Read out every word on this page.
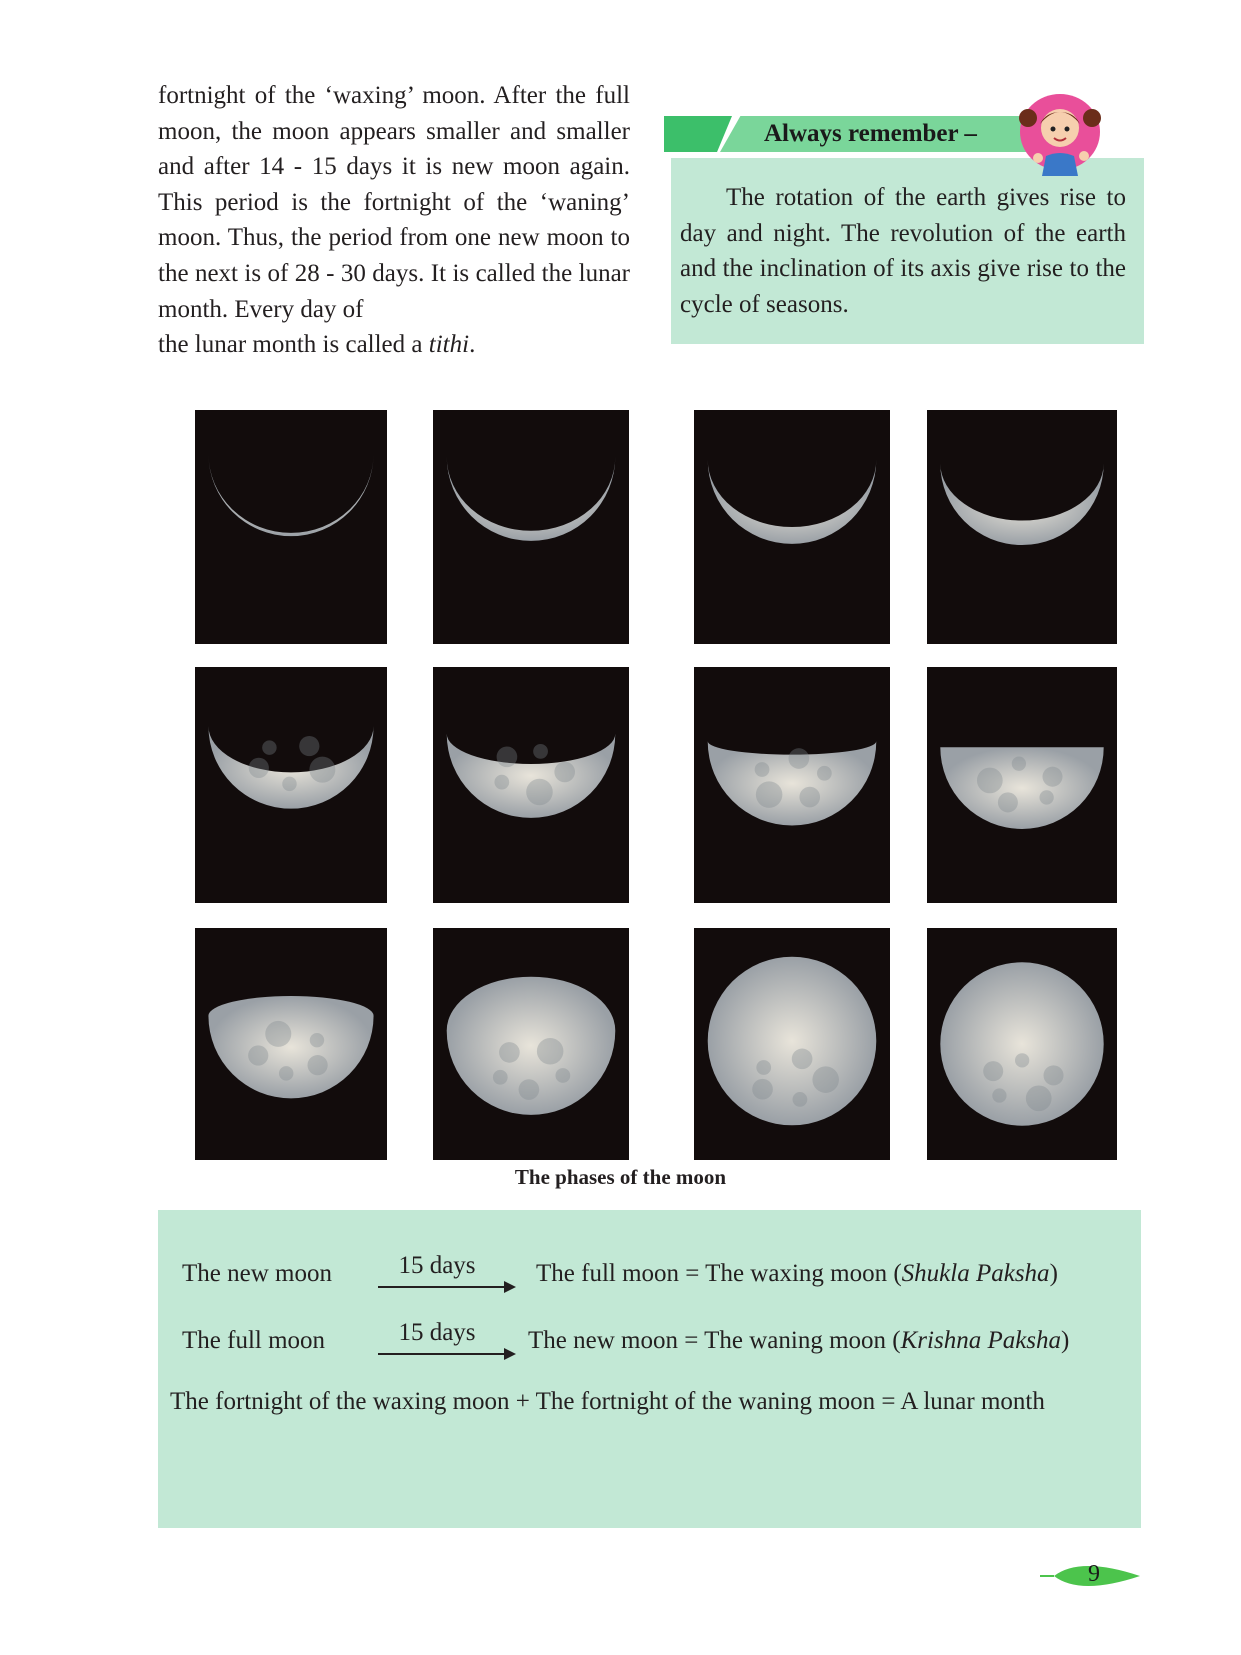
fortnight of the ‘waxing’ moon. After the full moon, the moon appears smaller and smaller and after 14 - 15 days it is new moon again. This period is the fortnight of the ‘waning’ moon. Thus, the period from one new moon to the next is of 28 - 30 days. It is called the lunar month. Every day of
the lunar month is called a tithi.

Always remember –

The rotation of the earth gives rise to day and night. The revolution of the earth and the inclination of its axis give rise to the cycle of seasons.

The phases of the moon

The new moon	15 days	The full moon = The waxing moon (Shukla Paksha)
The full moon	15 days	The new moon = The waning moon (Krishna Paksha)
The fortnight of the waxing moon + The fortnight of the waning moon = A lunar month
9
